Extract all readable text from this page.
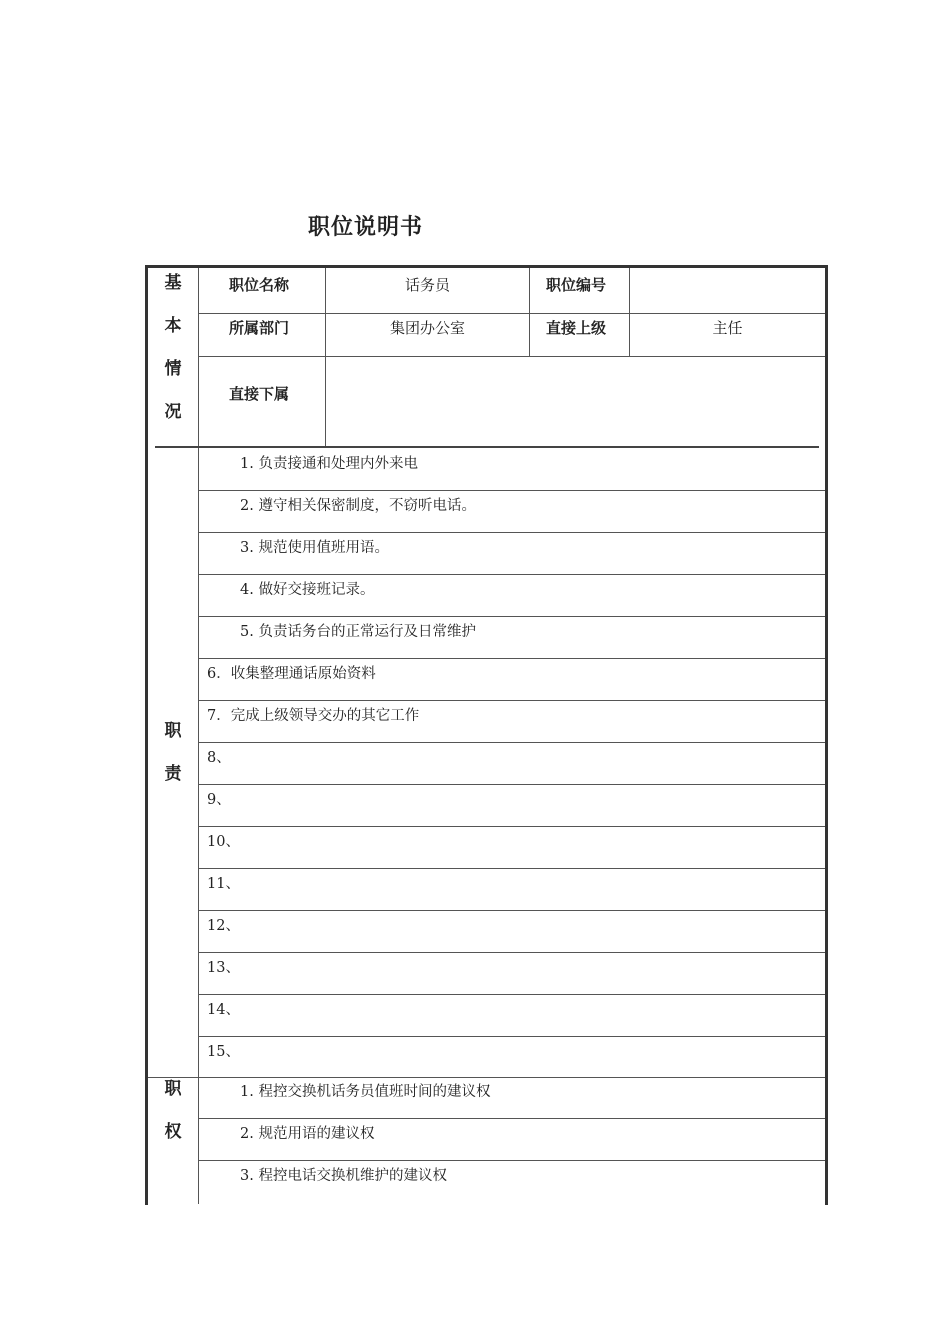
职位说明书
基
本
情
况
职位名称	话务员	职位编号
所属部门	集团办公室	直接上级	主任
直接下属
职
责
1. 负责接通和处理内外来电
2. 遵守相关保密制度，不窃听电话。
3. 规范使用值班用语。
4. 做好交接班记录。
5. 负责话务台的正常运行及日常维护
6．收集整理通话原始资料
7．完成上级领导交办的其它工作
8、
9、
10、
11、
12、
13、
14、
15、
职
权
1. 程控交换机话务员值班时间的建议权
2. 规范用语的建议权
3. 程控电话交换机维护的建议权
